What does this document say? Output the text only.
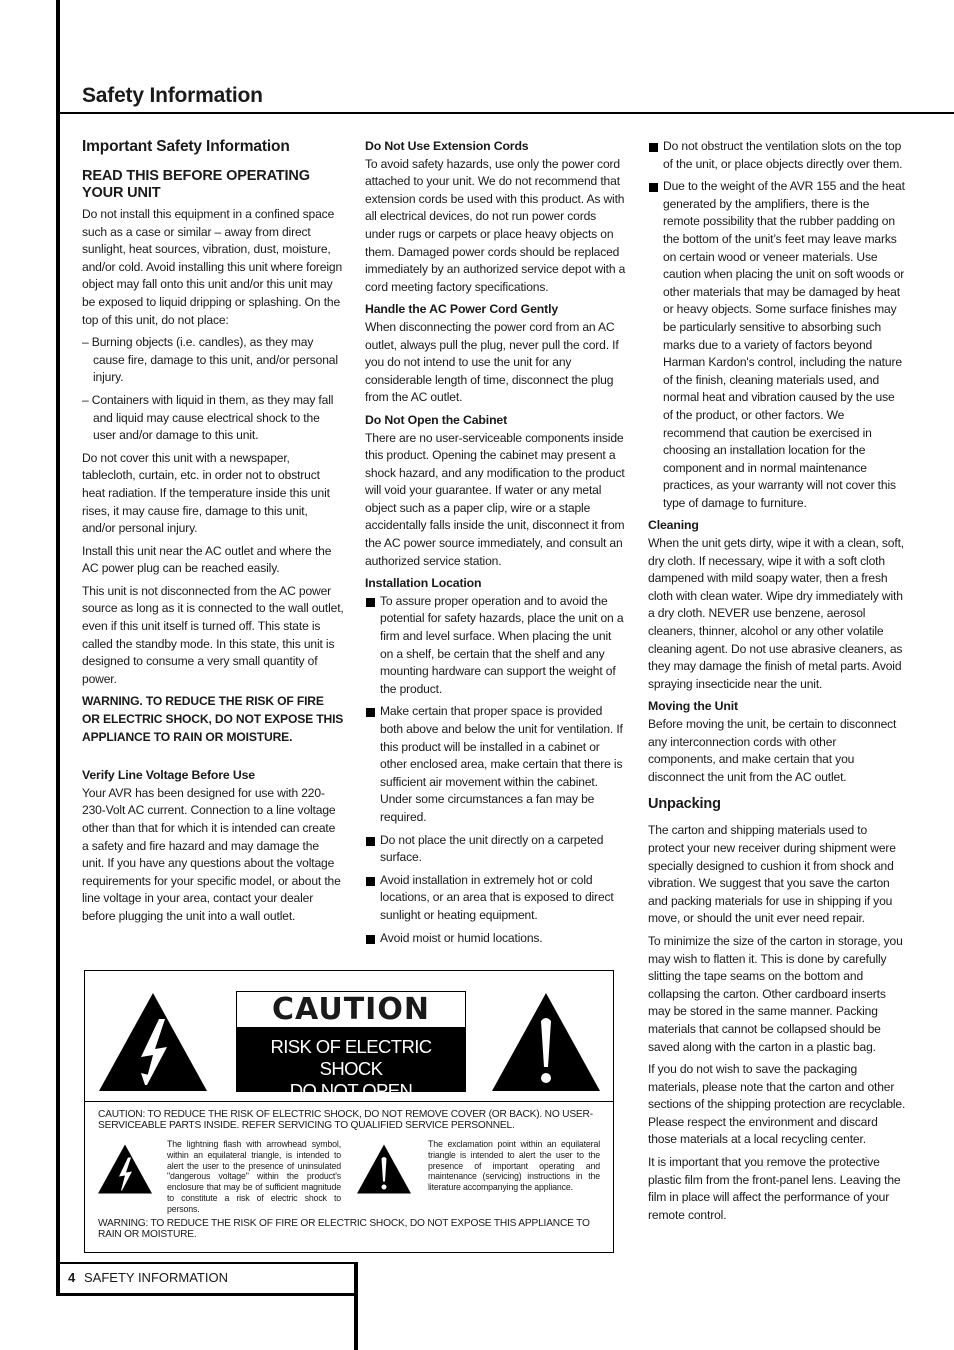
Safety Information
Important Safety Information
READ THIS BEFORE OPERATING YOUR UNIT

Do not install this equipment in a confined space such as a case or similar – away from direct sunlight, heat sources, vibration, dust, moisture, and/or cold. Avoid installing this unit where foreign object may fall onto this unit and/or this unit may be exposed to liquid dripping or splashing. On the top of this unit, do not place:

– Burning objects (i.e. candles), as they may cause fire, damage to this unit, and/or personal injury.

– Containers with liquid in them, as they may fall and liquid may cause electrical shock to the user and/or damage to this unit.

Do not cover this unit with a newspaper, tablecloth, curtain, etc. in order not to obstruct heat radiation. If the temperature inside this unit rises, it may cause fire, damage to this unit, and/or personal injury.

Install this unit near the AC outlet and where the AC power plug can be reached easily.

This unit is not disconnected from the AC power source as long as it is connected to the wall outlet, even if this unit itself is turned off. This state is called the standby mode. In this state, this unit is designed to consume a very small quantity of power.

WARNING. TO REDUCE THE RISK OF FIRE OR ELECTRIC SHOCK, DO NOT EXPOSE THIS APPLIANCE TO RAIN OR MOISTURE.

Verify Line Voltage Before Use

Your AVR has been designed for use with 220-230-Volt AC current. Connection to a line voltage other than that for which it is intended can create a safety and fire hazard and may damage the unit. If you have any questions about the voltage requirements for your specific model, or about the line voltage in your area, contact your dealer before plugging the unit into a wall outlet.

Do Not Use Extension Cords

To avoid safety hazards, use only the power cord attached to your unit. We do not recommend that extension cords be used with this product. As with all electrical devices, do not run power cords under rugs or carpets or place heavy objects on them. Damaged power cords should be replaced immediately by an authorized service depot with a cord meeting factory specifications.

Handle the AC Power Cord Gently

When disconnecting the power cord from an AC outlet, always pull the plug, never pull the cord. If you do not intend to use the unit for any considerable length of time, disconnect the plug from the AC outlet.

Do Not Open the Cabinet

There are no user-serviceable components inside this product. Opening the cabinet may present a shock hazard, and any modification to the product will void your guarantee. If water or any metal object such as a paper clip, wire or a staple accidentally falls inside the unit, disconnect it from the AC power source immediately, and consult an authorized service station.

Installation Location

To assure proper operation and to avoid the potential for safety hazards, place the unit on a firm and level surface. When placing the unit on a shelf, be certain that the shelf and any mounting hardware can support the weight of the product.

Make certain that proper space is provided both above and below the unit for ventilation. If this product will be installed in a cabinet or other enclosed area, make certain that there is sufficient air movement within the cabinet. Under some circumstances a fan may be required.

Do not place the unit directly on a carpeted surface.

Avoid installation in extremely hot or cold locations, or an area that is exposed to direct sunlight or heating equipment.

Avoid moist or humid locations.

Do not obstruct the ventilation slots on the top of the unit, or place objects directly over them.

Due to the weight of the AVR 155 and the heat generated by the amplifiers, there is the remote possibility that the rubber padding on the bottom of the unit’s feet may leave marks on certain wood or veneer materials. Use caution when placing the unit on soft woods or other materials that may be damaged by heat or heavy objects. Some surface finishes may be particularly sensitive to absorbing such marks due to a variety of factors beyond Harman Kardon's control, including the nature of the finish, cleaning materials used, and normal heat and vibration caused by the use of the product, or other factors. We recommend that caution be exercised in choosing an installation location for the component and in normal maintenance practices, as your warranty will not cover this type of damage to furniture.

Cleaning

When the unit gets dirty, wipe it with a clean, soft, dry cloth. If necessary, wipe it with a soft cloth dampened with mild soapy water, then a fresh cloth with clean water. Wipe dry immediately with a dry cloth. NEVER use benzene, aerosol cleaners, thinner, alcohol or any other volatile cleaning agent. Do not use abrasive cleaners, as they may damage the finish of metal parts. Avoid spraying insecticide near the unit.

Moving the Unit

Before moving the unit, be certain to disconnect any interconnection cords with other components, and make certain that you disconnect the unit from the AC outlet.

Unpacking

The carton and shipping materials used to protect your new receiver during shipment were specially designed to cushion it from shock and vibration. We suggest that you save the carton and packing materials for use in shipping if you move, or should the unit ever need repair.

To minimize the size of the carton in storage, you may wish to flatten it. This is done by carefully slitting the tape seams on the bottom and collapsing the carton. Other cardboard inserts may be stored in the same manner. Packing materials that cannot be collapsed should be saved along with the carton in a plastic bag.

If you do not wish to save the packaging materials, please note that the carton and other sections of the shipping protection are recyclable. Please respect the environment and discard those materials at a local recycling center.

It is important that you remove the protective plastic film from the front-panel lens. Leaving the film in place will affect the performance of your remote control.

CAUTION
RISK OF ELECTRIC SHOCK
DO NOT OPEN
CAUTION: TO REDUCE THE RISK OF ELECTRIC SHOCK, DO NOT REMOVE COVER (OR BACK). NO USER-SERVICEABLE PARTS INSIDE. REFER SERVICING TO QUALIFIED SERVICE PERSONNEL.
The lightning flash with arrowhead symbol, within an equilateral triangle, is intended to alert the user to the presence of uninsulated "dangerous voltage" within the product's enclosure that may be of sufficient magnitude to constitute a risk of electric shock to persons.
The exclamation point within an equilateral triangle is intended to alert the user to the presence of important operating and maintenance (servicing) instructions in the literature accompanying the appliance.
WARNING: TO REDUCE THE RISK OF FIRE OR ELECTRIC SHOCK, DO NOT EXPOSE THIS APPLIANCE TO RAIN OR MOISTURE.
4 SAFETY INFORMATION
